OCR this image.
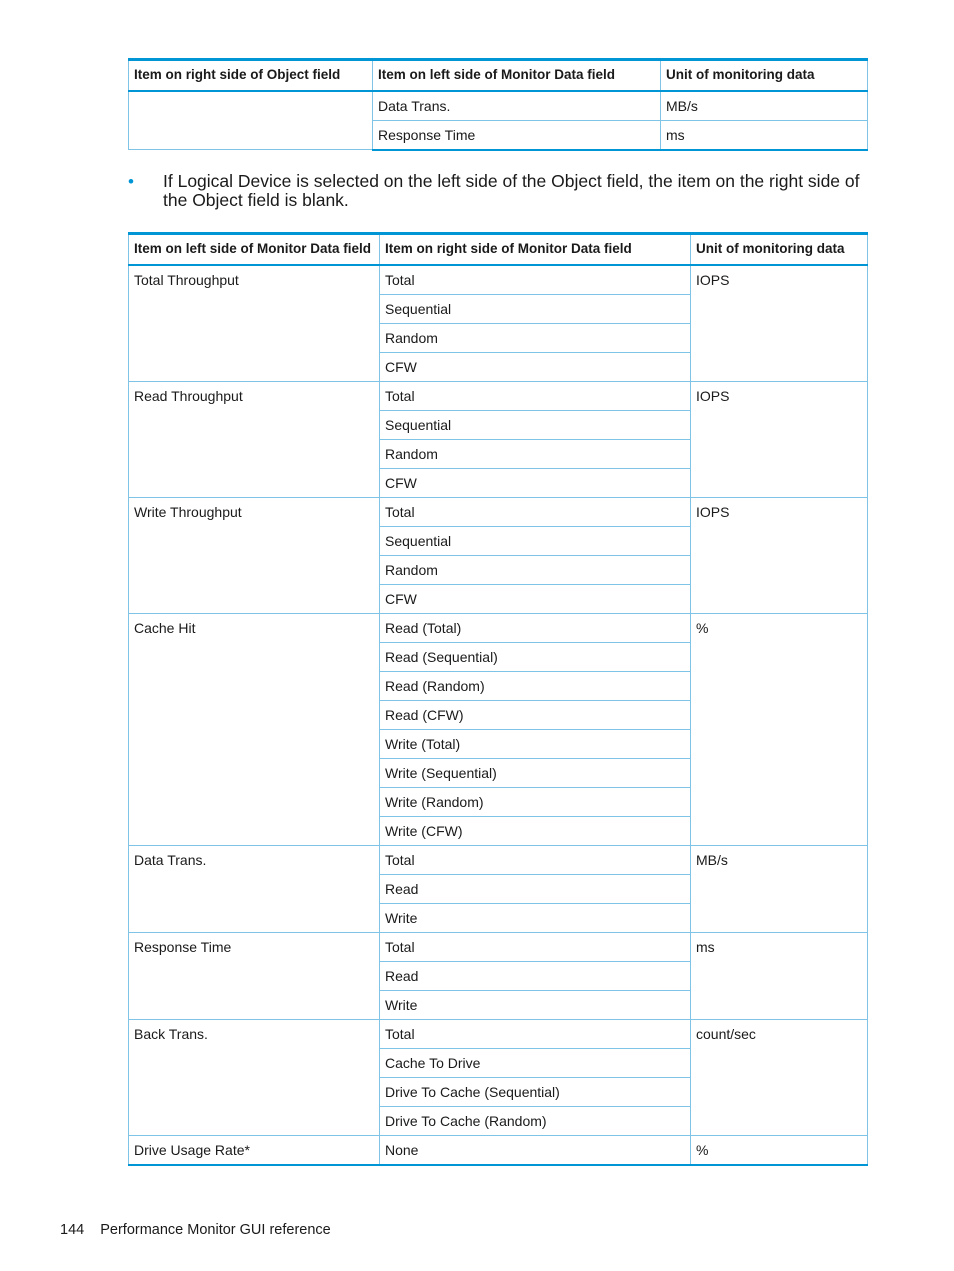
Item on right side of Object field	Item on left side of Monitor Data field	Unit of monitoring data
	Data Trans.	MB/s
	Response Time	ms
• If Logical Device is selected on the left side of the Object field, the item on the right side of the Object field is blank.
Item on left side of Monitor Data field	Item on right side of Monitor Data field	Unit of monitoring data
Total Throughput	Total	IOPS
	Sequential	
	Random	
	CFW	
Read Throughput	Total	IOPS
	Sequential	
	Random	
	CFW	
Write Throughput	Total	IOPS
	Sequential	
	Random	
	CFW	
Cache Hit	Read (Total)	%
	Read (Sequential)	
	Read (Random)	
	Read (CFW)	
	Write (Total)	
	Write (Sequential)	
	Write (Random)	
	Write (CFW)	
Data Trans.	Total	MB/s
	Read	
	Write	
Response Time	Total	ms
	Read	
	Write	
Back Trans.	Total	count/sec
	Cache To Drive	
	Drive To Cache (Sequential)	
	Drive To Cache (Random)	
Drive Usage Rate*	None	%
144 Performance Monitor GUI reference
